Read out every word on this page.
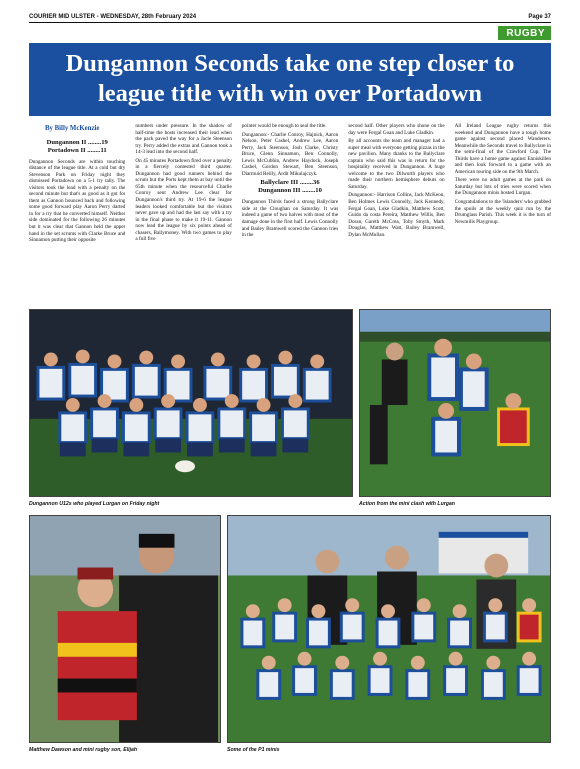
COURIER MID ULSTER - WEDNESDAY, 28th February 2024	Page 37
RUGBY
Dungannon Seconds take one step closer to league title with win over Portadown
By Billy McKenzie
Dungannon II ........19
Portadown II ........11

Dungannon Seconds are within touching distance of the league title. At a cold but dry Stevenson Park on Friday night they dismissed Portadown on a 5-1 try tally. The visitors took the lead with a penalty on the second minute but that's as good as it got for them as Gannon bounced back and following some good forward play Aaron Perry darted in for a try that he converted himself. Neither side dominated for the following 26 minutes but it was clear that Gannon held the upper hand in the set scrums with Clarke Bruce and Sinnamon putting their opposite

numbers under pressure. In the shadow of half-time the hosts increased their lead when the pack paved the way for a Jacle Steenson try. Perry added the extras and Gannon took a 14-3 lead into the second half.

On 45 minutes Portadown fired over a penalty in a fiercely contested third quarter. Dungannon had good runners behind the scrum but the Ports kept them at bay until the 65th minute when the resourceful Charlie Conroy sent Andrew Lee clear for Dungannon's third try. At 19-6 the league leaders looked comfortable but the visitors never gave up and had the last say with a try in the final phase to make it 19-11. Gannon now lead the league by six points ahead of chasers, Ballymoney. With two games to play a full five

pointer would be enough to seal the title.

Dungannon:- Charlie Conroy, Hajnick, Aaron Nelson, Peter Cashel, Andrew Lee, Aaron Perry, Jack Steenson, Josh Clarke, Christy Bruce, Glenn Sinnamon, Ben Connolly, Lewis McCubbin, Andrew Haydock, Joseph Cashel, Gordon Stewart, Ben Steenson, Diarmuid Reilly, Ardit Mikulajczyk.

Ballyclare III ........36
Dungannon III ........10

Dungannon Thirds faced a strong Ballyclare side at the Cloughan on Saturday. It was indeed a game of two halves with most of the damage done in the first half. Lewis Connolly and Bailey Bramwell scored the Gannon tries in the

second half. Other players who shone on the day were Fergal Goan and Luke Gladkin.

By all accounts the team and manager had a super meal with everyone getting pizzas in the new pavilion. Many thanks to the Ballyclare captain who said this was in return for the hospitality received in Dungannon. A huge welcome to the two Dilworth players who made their northern hemisphere debuts on Saturday.

Dungannon:- Harrison Collins, Jack McKeon, Ben Holmes Lewis Connolly, Jack Kennedy, Fergal Goan, Luke Gladkin, Matthew Scott, Guido da costa Pereira, Matthew Willis, Ben Doran, Gareth McCrea, Toby Smyth, Mark Douglas, Matthew Watt, Bailey Bramwell, Dylan McMullan.

All Ireland League rugby returns this weekend and Dungannon have a tough home game against second placed Wanderers. Meanwhile the Seconds travel to Ballyclare in the semi-final of the Crawford Cup. The Thirds have a home game against Enniskillen and then look forward to a game with an American touring side on the 9th March.

There were no adult games at the park on Saturday but lots of tries were scored when the Dungannon minis hosted Lurgan.

Congratulations to the 'Islanders' who grabbed the spoils at the weekly quiz run by the Drumglass Parish. This week it is the turn of Newmills Playgroup.

Dungannon U12s who played Lurgan on Friday night	Action from the mini clash with Lurgan
Matthew Dawson and mini rugby son, Elijah	Some of the P1 minis
